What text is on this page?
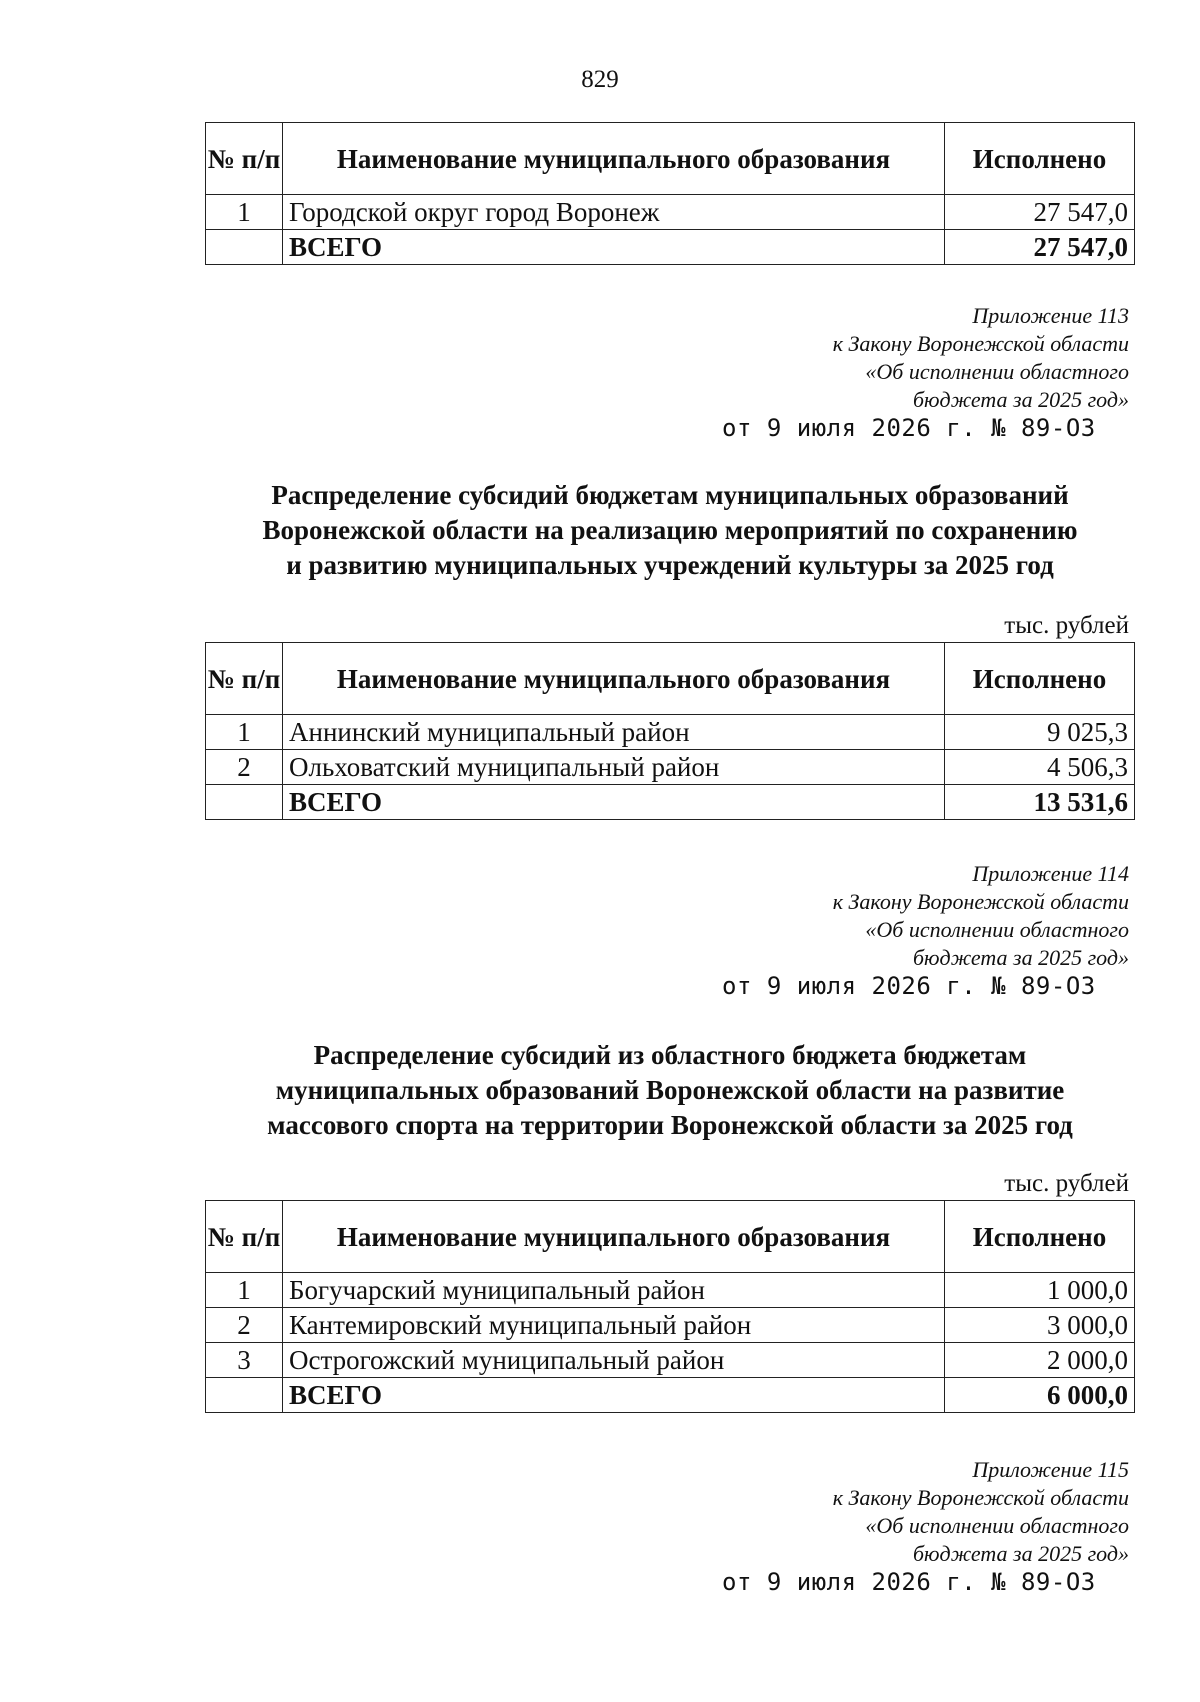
829
№ п/п	Наименование муниципального образования	Исполнено
1	Городской округ город Воронеж	27 547,0
	ВСЕГО	27 547,0
Приложение 113
к Закону Воронежской области
«Об исполнении областного
бюджета за 2025 год»
от 9 июля 2026 г. № 89-ОЗ
Распределение субсидий бюджетам муниципальных образований
Воронежской области на реализацию мероприятий по сохранению
и развитию муниципальных учреждений культуры за 2025 год
тыс. рублей
№ п/п	Наименование муниципального образования	Исполнено
1	Аннинский муниципальный район	9 025,3
2	Ольховатский муниципальный район	4 506,3
	ВСЕГО	13 531,6
Приложение 114
к Закону Воронежской области
«Об исполнении областного
бюджета за 2025 год»
от 9 июля 2026 г. № 89-ОЗ
Распределение субсидий из областного бюджета бюджетам
муниципальных образований Воронежской области на развитие
массового спорта на территории Воронежской области за 2025 год
тыс. рублей
№ п/п	Наименование муниципального образования	Исполнено
1	Богучарский муниципальный район	1 000,0
2	Кантемировский муниципальный район	3 000,0
3	Острогожский муниципальный район	2 000,0
	ВСЕГО	6 000,0
Приложение 115
к Закону Воронежской области
«Об исполнении областного
бюджета за 2025 год»
от 9 июля 2026 г. № 89-ОЗ
